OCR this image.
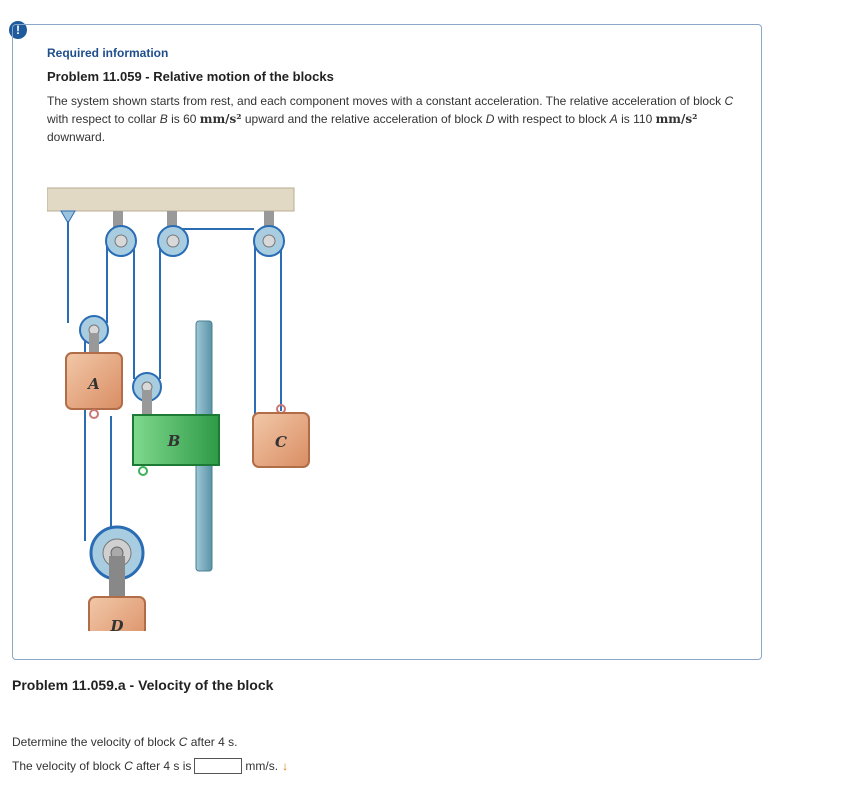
!
Required information
Problem 11.059 - Relative motion of the blocks
The system shown starts from rest, and each component moves with a constant acceleration. The relative acceleration of block C with respect to collar B is 60 mm/s² upward and the relative acceleration of block D with respect to block A is 110 mm/s² downward.
A
B	C
D
Problem 11.059.a - Velocity of the block
Determine the velocity of block C after 4 s.
The velocity of block C after 4 s is	mm/s. ↓
